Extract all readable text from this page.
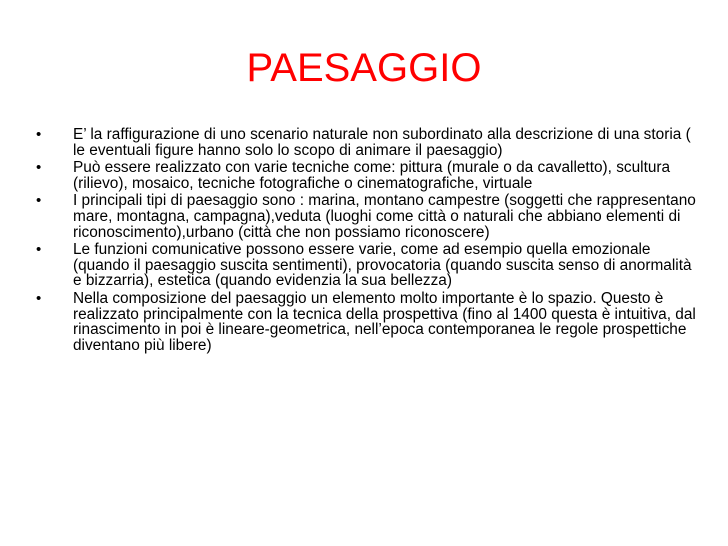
PAESAGGIO
•	E’ la raffigurazione di uno scenario naturale non subordinato alla descrizione di una storia ( le eventuali figure hanno solo lo scopo di animare il paesaggio)
•	Può essere realizzato con varie tecniche come: pittura (murale o da cavalletto), scultura (rilievo), mosaico, tecniche fotografiche o cinematografiche, virtuale
•	I principali tipi di paesaggio sono : marina, montano campestre (soggetti che rappresentano mare, montagna, campagna),veduta (luoghi come città o naturali che abbiano elementi di riconoscimento),urbano (città che non possiamo riconoscere)
•	Le funzioni comunicative possono essere varie, come ad esempio quella emozionale (quando il paesaggio suscita sentimenti), provocatoria (quando suscita senso di anormalità e bizzarria), estetica (quando evidenzia la sua bellezza)
•	Nella composizione del paesaggio un elemento molto importante è lo spazio. Questo è realizzato principalmente con la tecnica della prospettiva (fino al 1400 questa è intuitiva, dal rinascimento in poi è lineare-geometrica, nell’epoca contemporanea le regole prospettiche diventano più libere)
